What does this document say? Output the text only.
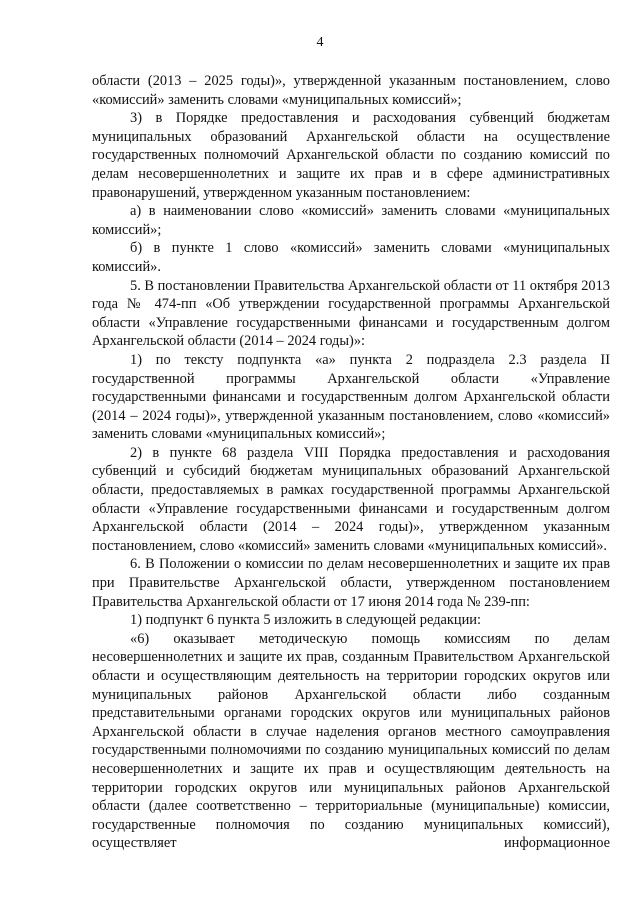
4

области (2013 – 2025 годы)», утвержденной указанным постановлением, слово «комиссий» заменить словами «муниципальных комиссий»;

3) в Порядке предоставления и расходования субвенций бюджетам муниципальных образований Архангельской области на осуществление государственных полномочий Архангельской области по созданию комиссий по делам несовершеннолетних и защите их прав и в сфере административных правонарушений, утвержденном указанным постановлением:

а) в наименовании слово «комиссий» заменить словами «муниципальных комиссий»;

б) в пункте 1 слово «комиссий» заменить словами «муниципальных комиссий».

5. В постановлении Правительства Архангельской области от 11 октября 2013 года № 474-пп «Об утверждении государственной программы Архангельской области «Управление государственными финансами и государственным долгом Архангельской области (2014 – 2024 годы)»:

1) по тексту подпункта «а» пункта 2 подраздела 2.3 раздела II государственной программы Архангельской области «Управление государственными финансами и государственным долгом Архангельской области (2014 – 2024 годы)», утвержденной указанным постановлением, слово «комиссий» заменить словами «муниципальных комиссий»;

2) в пункте 68 раздела VIII Порядка предоставления и расходования субвенций и субсидий бюджетам муниципальных образований Архангельской области, предоставляемых в рамках государственной программы Архангельской области «Управление государственными финансами и государственным долгом Архангельской области (2014 – 2024 годы)», утвержденном указанным постановлением, слово «комиссий» заменить словами «муниципальных комиссий».

6. В Положении о комиссии по делам несовершеннолетних и защите их прав при Правительстве Архангельской области, утвержденном постановлением Правительства Архангельской области от 17 июня 2014 года № 239-пп:

1) подпункт 6 пункта 5 изложить в следующей редакции:

«6) оказывает методическую помощь комиссиям по делам несовершеннолетних и защите их прав, созданным Правительством Архангельской области и осуществляющим деятельность на территории городских округов или муниципальных районов Архангельской области либо созданным представительными органами городских округов или муниципальных районов Архангельской области в случае наделения органов местного самоуправления государственными полномочиями по созданию муниципальных комиссий по делам несовершеннолетних и защите их прав и осуществляющим деятельность на территории городских округов или муниципальных районов Архангельской области (далее соответственно – территориальные (муниципальные) комиссии, государственные полномочия по созданию муниципальных комиссий), осуществляет информационное
